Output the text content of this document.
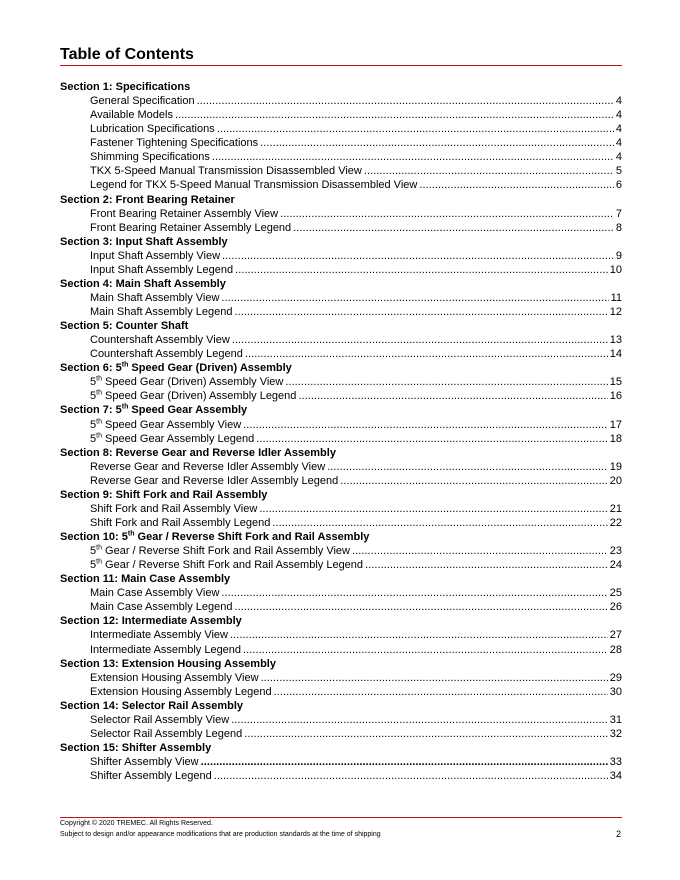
Table of Contents
Section 1: Specifications
General Specification . . .	4
Available Models . . .	4
Lubrication Specifications . . .	4
Fastener Tightening Specifications . . .	4
Shimming Specifications . . .	4
TKX 5-Speed Manual Transmission Disassembled View . . .	5
Legend for TKX 5-Speed Manual Transmission Disassembled View . . .	6
Section 2: Front Bearing Retainer
Front Bearing Retainer Assembly View . . .	7
Front Bearing Retainer Assembly Legend . . .	8
Section 3: Input Shaft Assembly
Input Shaft Assembly View . . .	9
Input Shaft Assembly Legend . . .	10
Section 4: Main Shaft Assembly
Main Shaft Assembly View . . .	11
Main Shaft Assembly Legend . . .	12
Section 5: Counter Shaft
Countershaft Assembly View . . .	13
Countershaft Assembly Legend . . .	14
Section 6: 5th Speed Gear (Driven) Assembly
5th Speed Gear (Driven) Assembly View . . .	15
5th Speed Gear (Driven) Assembly Legend . . .	16
Section 7: 5th Speed Gear Assembly
5th Speed Gear Assembly View . . .	17
5th Speed Gear Assembly Legend . . .	18
Section 8: Reverse Gear and Reverse Idler Assembly
Reverse Gear and Reverse Idler Assembly View . . .	19
Reverse Gear and Reverse Idler Assembly Legend . . .	20
Section 9: Shift Fork and Rail Assembly
Shift Fork and Rail Assembly View . . .	21
Shift Fork and Rail Assembly Legend . . .	22
Section 10: 5th Gear / Reverse Shift Fork and Rail Assembly
5th Gear / Reverse Shift Fork and Rail Assembly View . . .	23
5th Gear / Reverse Shift Fork and Rail Assembly Legend . . .	24
Section 11: Main Case Assembly
Main Case Assembly View . . .	25
Main Case Assembly Legend . . .	26
Section 12: Intermediate Assembly
Intermediate Assembly View . . .	27
Intermediate Assembly Legend . . .	28
Section 13: Extension Housing Assembly
Extension Housing Assembly View . . .	29
Extension Housing Assembly Legend . . .	30
Section 14: Selector Rail Assembly
Selector Rail Assembly View . . .	31
Selector Rail Assembly Legend . . .	32
Section 15: Shifter Assembly
Shifter Assembly View . . .	33
Shifter Assembly Legend . . .	34
Copyright © 2020 TREMEC. All Rights Reserved.
Subject to design and/or appearance modifications that are production standards at the time of shipping	2
